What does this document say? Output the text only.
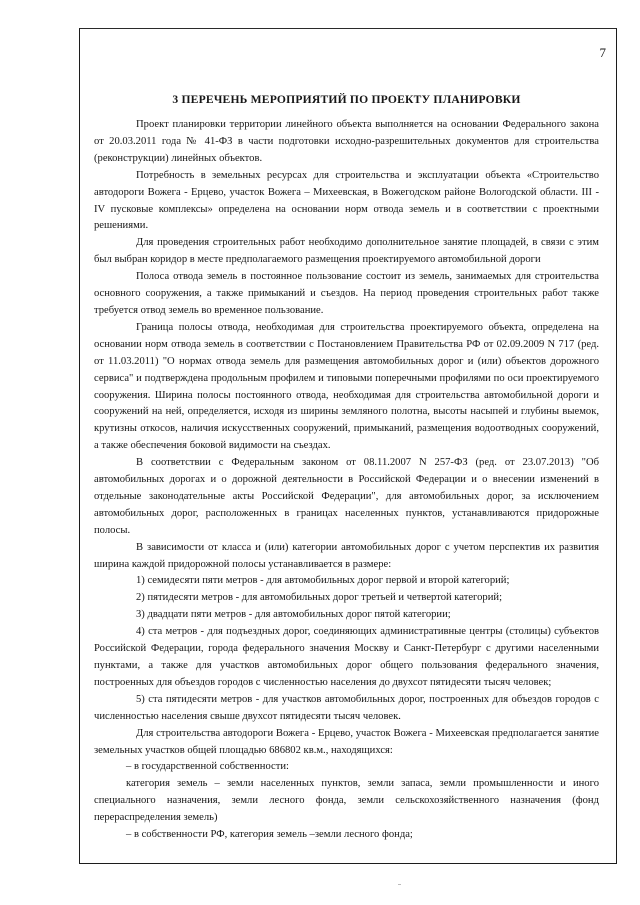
7
3 ПЕРЕЧЕНЬ МЕРОПРИЯТИЙ ПО ПРОЕКТУ ПЛАНИРОВКИ

Проект планировки территории линейного объекта выполняется на основании Федерального закона от 20.03.2011 года № 41-ФЗ в части подготовки исходно-разрешительных документов для строительства (реконструкции) линейных объектов.

Потребность в земельных ресурсах для строительства и эксплуатации объекта «Строительство автодороги Вожега - Ерцево, участок Вожега – Михеевская, в Вожегодском районе Вологодской области. III - IV пусковые комплексы» определена на основании норм отвода земель и в соответствии с проектными решениями.

Для проведения строительных работ необходимо дополнительное занятие площадей, в связи с этим был выбран коридор в месте предполагаемого размещения проектируемого автомобильной дороги

Полоса отвода земель в постоянное пользование состоит из земель, занимаемых для строительства основного сооружения, а также примыканий и съездов. На период проведения строительных работ также требуется отвод земель во временное пользование.

Граница полосы отвода, необходимая для строительства проектируемого объекта, определена на основании норм отвода земель в соответствии с Постановлением Правительства РФ от 02.09.2009 N 717 (ред. от 11.03.2011) "О нормах отвода земель для размещения автомобильных дорог и (или) объектов дорожного сервиса" и подтверждена продольным профилем и типовыми поперечными профилями по оси проектируемого сооружения. Ширина полосы постоянного отвода, необходимая для строительства автомобильной дороги и сооружений на ней, определяется, исходя из ширины земляного полотна, высоты насыпей и глубины выемок, крутизны откосов, наличия искусственных сооружений, примыканий, размещения водоотводных сооружений, а также обеспечения боковой видимости на съездах.

В соответствии с Федеральным законом от 08.11.2007 N 257-ФЗ (ред. от 23.07.2013) "Об автомобильных дорогах и о дорожной деятельности в Российской Федерации и о внесении изменений в отдельные законодательные акты Российской Федерации", для автомобильных дорог, за исключением автомобильных дорог, расположенных в границах населенных пунктов, устанавливаются придорожные полосы.

В зависимости от класса и (или) категории автомобильных дорог с учетом перспектив их развития ширина каждой придорожной полосы устанавливается в размере:

1) семидесяти пяти метров - для автомобильных дорог первой и второй категорий;

2) пятидесяти метров - для автомобильных дорог третьей и четвертой категорий;

3) двадцати пяти метров - для автомобильных дорог пятой категории;

4) ста метров - для подъездных дорог, соединяющих административные центры (столицы) субъектов Российской Федерации, города федерального значения Москву и Санкт-Петербург с другими населенными пунктами, а также для участков автомобильных дорог общего пользования федерального значения, построенных для объездов городов с численностью населения до двухсот пятидесяти тысяч человек;

5) ста пятидесяти метров - для участков автомобильных дорог, построенных для объездов городов с численностью населения свыше двухсот пятидесяти тысяч человек.

Для строительства автодороги Вожега - Ерцево, участок Вожега - Михеевская предполагается занятие земельных участков общей площадью 686802 кв.м., находящихся:

– в государственной собственности:

категория земель – земли населенных пунктов, земли запаса, земли промышленности и иного специального назначения, земли лесного фонда, земли сельскохозяйственного назначения (фонд перераспределения земель)

– в собственности РФ, категория земель –земли лесного фонда;
